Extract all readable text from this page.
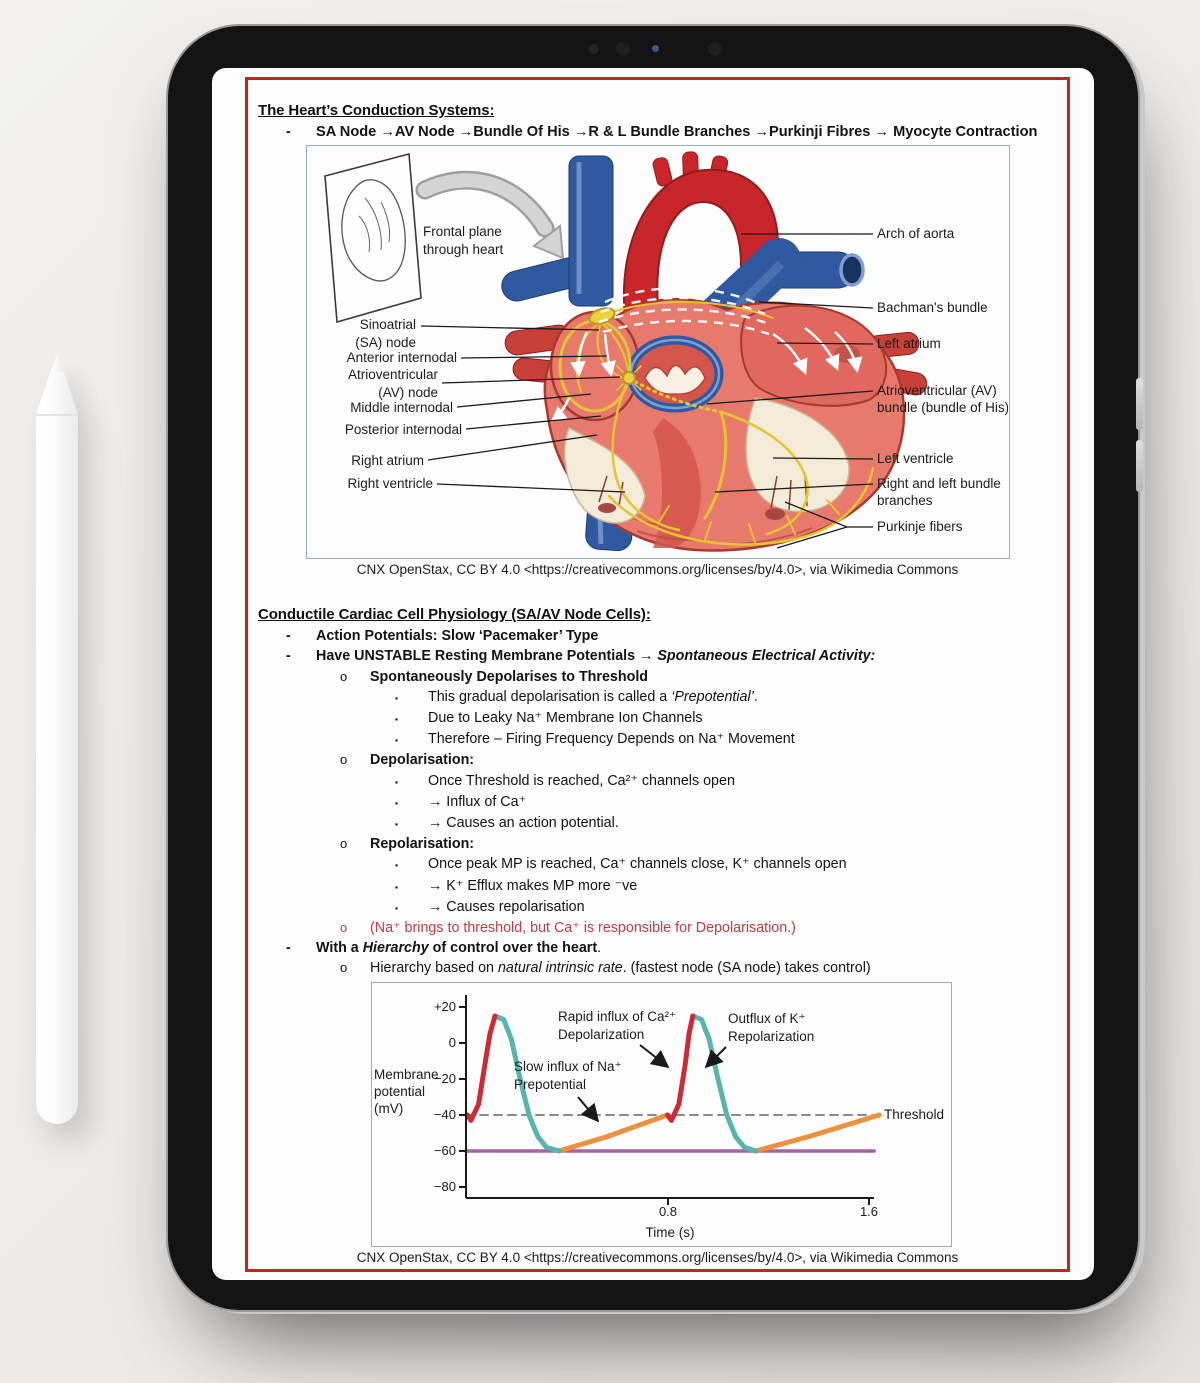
The Heart’s Conduction Systems:
-	SA Node →AV Node →Bundle Of His →R & L Bundle Branches →Purkinji Fibres → Myocyte Contraction
Frontal plane
through heart
Sinoatrial
(SA) node
Anterior internodal
Atrioventricular
(AV) node
Middle internodal
Posterior internodal
Right atrium
Right ventricle
Arch of aorta
Bachman's bundle
Left atrium
Atrioventricular (AV)
bundle (bundle of His)
Left ventricle
Right and left bundle
branches
Purkinje fibers
CNX OpenStax, CC BY 4.0 <https://creativecommons.org/licenses/by/4.0>, via Wikimedia Commons
Conductile Cardiac Cell Physiology (SA/AV Node Cells):
-	Action Potentials: Slow ‘Pacemaker’ Type
-	Have UNSTABLE Resting Membrane Potentials → Spontaneous Electrical Activity:
o	Spontaneously Depolarises to Threshold
▪	This gradual depolarisation is called a ‘Prepotential’.
▪	Due to Leaky Na⁺ Membrane Ion Channels
▪	Therefore – Firing Frequency Depends on Na⁺ Movement
o	Depolarisation:
▪	Once Threshold is reached, Ca²⁺ channels open
▪	→ Influx of Ca⁺
▪	→ Causes an action potential.
o	Repolarisation:
▪	Once peak MP is reached, Ca⁺ channels close, K⁺ channels open
▪	→ K⁺ Efflux makes MP more ⁻ve
▪	→ Causes repolarisation
o	(Na⁺ brings to threshold, but Ca⁺ is responsible for Depolarisation.)
-	With a Hierarchy of control over the heart.
o	Hierarchy based on natural intrinsic rate. (fastest node (SA node) takes control)
+20
0
−20
−40
−60
−80
0.8	1.6
Membrane
potential
(mV)
Time (s)
Rapid influx of Ca²⁺
Depolarization
Slow influx of Na⁺
Prepotential
Outflux of K⁺
Repolarization
Threshold
CNX OpenStax, CC BY 4.0 <https://creativecommons.org/licenses/by/4.0>, via Wikimedia Commons
